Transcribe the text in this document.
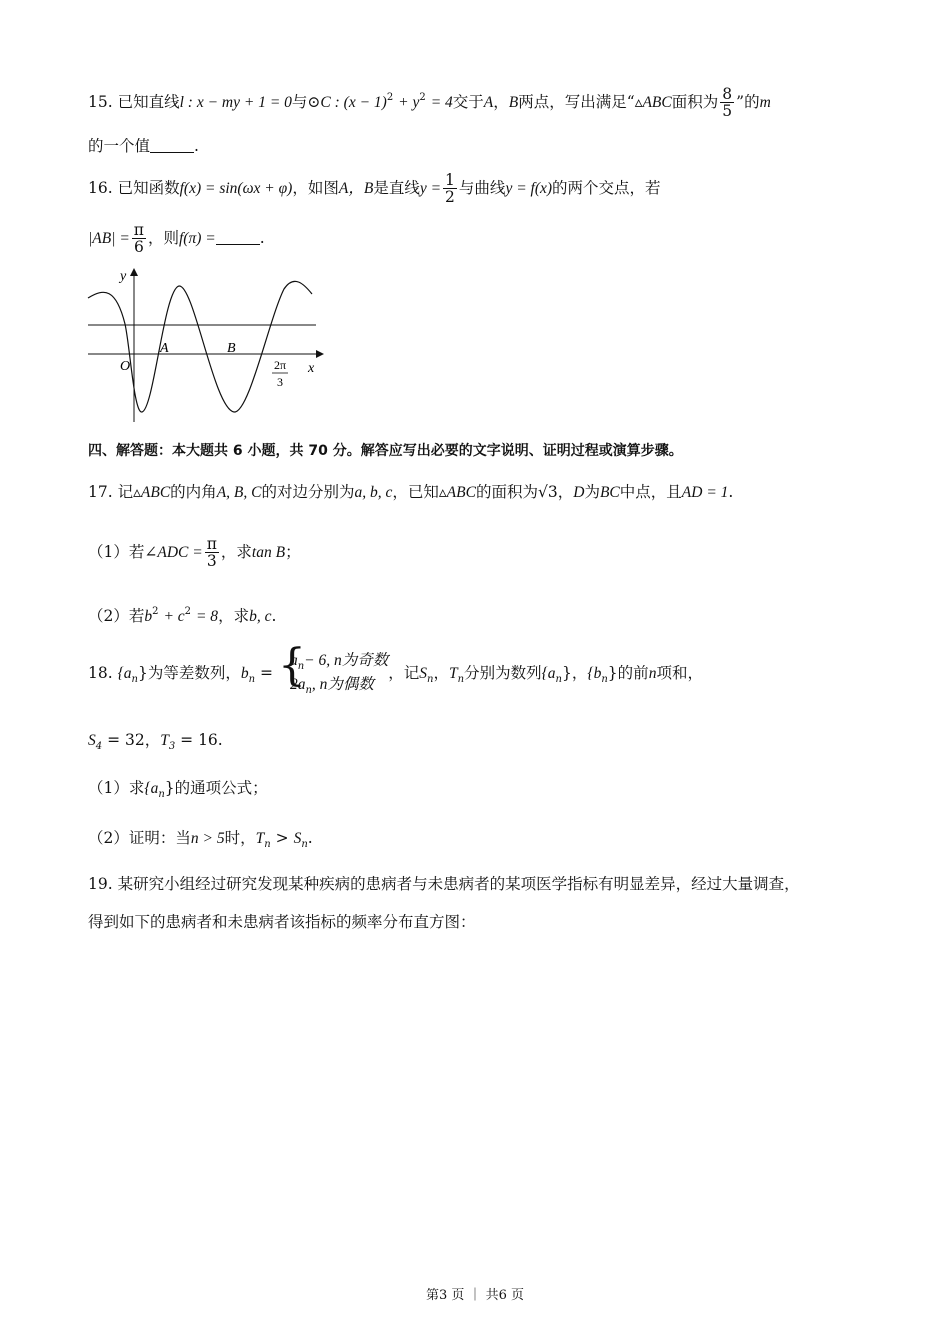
15. 已知直线l : x − my + 1 = 0与⊙C : $(x - 1)^2 + y^2 = 4$交于A，B两点，写出满足“▵ABC面积为 $\frac{8}{5}$ ”的m
的一个值	.
16. 已知函数f(x) = sin(ωx + φ)，如图A，B是直线$y = \frac{1}{2}$ 与曲线y = f(x)的两个交点，若
$|AB| = \frac{\pi}{6}$ ，则f(π) =	.
y
x
O
A	B
2π
3
四、解答题：本大题共 6 小题，共 70 分。解答应写出必要的文字说明、证明过程或演算步骤。
17. 记▵ABC的内角A, B, C的对边分别为a, b, c，已知▵ABC的面积为√3，D为BC中点，且AD = 1.
（1）若∠ADC = $\frac{\pi}{3}$ ，求tan B；
（2）若$b^2 + c^2 = 8$，求b, c.
18. $\{a_n\}$为等差数列，$b_n$ =
{ $a_n- 6$, n为奇数
$2a_n$, n为偶数
，记$S_n$，$T_n$分别为数列$\{a_n\}$，$\{b_n\}$的前n项和，
$S_4 = 32$，$T_3 = 16$.
（1）求$\{a_n\}$的通项公式；
（2）证明：当n > 5时，$T_n > S_n$.
19. 某研究小组经过研究发现某种疾病的患病者与未患病者的某项医学指标有明显差异，经过大量调查，
得到如下的患病者和未患病者该指标的频率分布直方图：
第3 页 ｜ 共6 页
